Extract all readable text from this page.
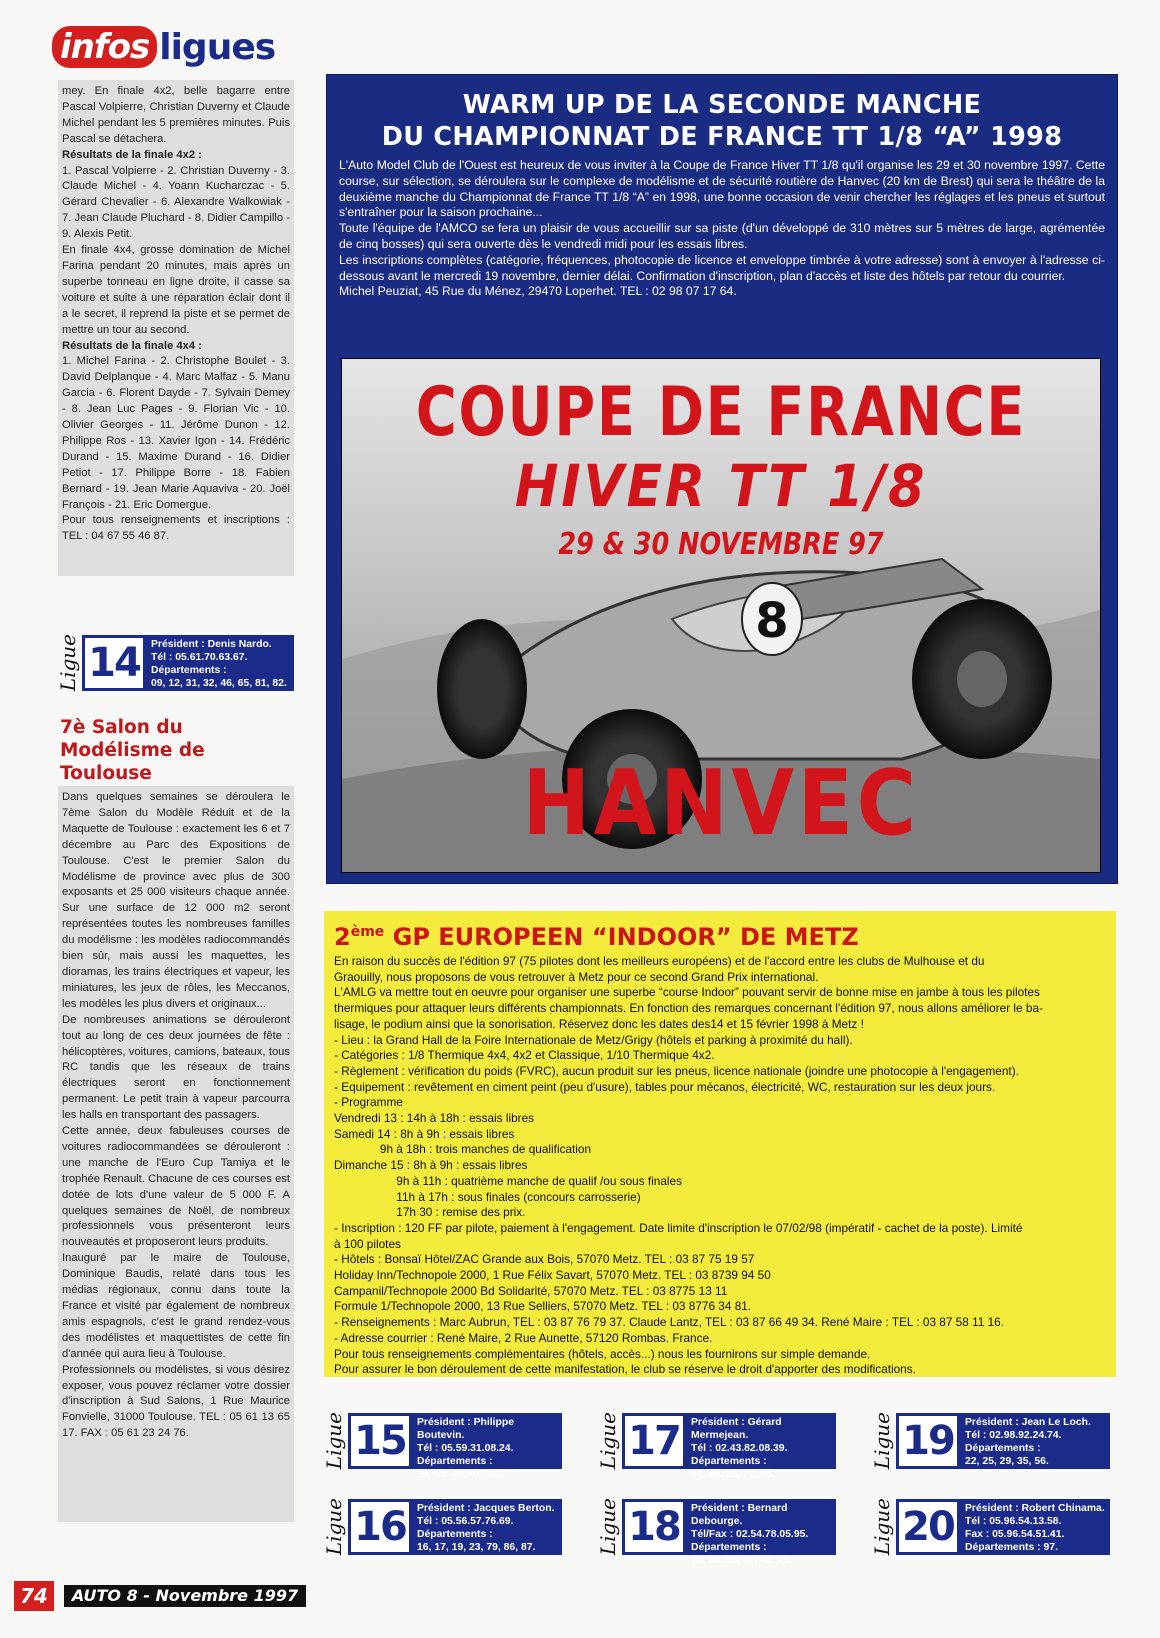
infos ligues

mey. En finale 4x2, belle bagarre entre Pascal Volpierre, Christian Duverny et Claude Michel pendant les 5 premières minutes. Puis Pascal se détachera.

Résultats de la finale 4x2 :

1. Pascal Volpierre - 2. Christian Duverny - 3. Claude Michel - 4. Yoann Kucharczac - 5. Gérard Chevalier - 6. Alexandre Walkowiak - 7. Jean Claude Pluchard - 8. Didier Campillo - 9. Alexis Petit.

En finale 4x4, grosse domination de Michel Farina pendant 20 minutes, mais après un superbe tonneau en ligne droite, il casse sa voiture et suite à une réparation éclair dont il a le secret, il reprend la piste et se permet de mettre un tour au second.

Résultats de la finale 4x4 :

1. Michel Farina - 2. Christophe Boulet - 3. David Delplanque - 4. Marc Malfaz - 5. Manu Garcia - 6. Florent Dayde - 7. Sylvain Demey - 8. Jean Luc Pages - 9. Florian Vic - 10. Olivier Georges - 11. Jérôme Dunon - 12. Philippe Ros - 13. Xavier Igon - 14. Frédéric Durand - 15. Maxime Durand - 16. Didier Petiot - 17. Philippe Borre - 18. Fabien Bernard - 19. Jean Marie Aquaviva - 20. Joël François - 21. Eric Domergue.

Pour tous renseignements et inscriptions : TEL : 04 67 55 46 87.

Ligue 14	Président : Denis Nardo.
Tél : 05.61.70.63.67.
Départements :
09, 12, 31, 32, 46, 65, 81, 82.
7è Salon du Modélisme de Toulouse

Dans quelques semaines se déroulera le 7ème Salon du Modèle Réduit et de la Maquette de Toulouse : exactement les 6 et 7 décembre au Parc des Expositions de Toulouse. C'est le premier Salon du Modélisme de province avec plus de 300 exposants et 25 000 visiteurs chaque année. Sur une surface de 12 000 m2 seront représentées toutes les nombreuses familles du modélisme : les modèles radiocommandés bien sûr, mais aussi les maquettes, les dioramas, les trains électriques et vapeur, les miniatures, les jeux de rôles, les Meccanos, les modèles les plus divers et originaux...

De nombreuses animations se dérouleront tout au long de ces deux journées de fête : hélicoptères, voitures, camions, bateaux, tous RC tandis que les réseaux de trains électriques seront en fonctionnement permanent. Le petit train à vapeur parcourra les halls en transportant des passagers.

Cette année, deux fabuleuses courses de voitures radiocommandées se dérouleront : une manche de l'Euro Cup Tamiya et le trophée Renault. Chacune de ces courses est dotée de lots d'une valeur de 5 000 F. A quelques semaines de Noël, de nombreux professionnels vous présenteront leurs nouveautés et proposeront leurs produits.

Inauguré par le maire de Toulouse, Dominique Baudis, relaté dans tous les médias régionaux, connu dans toute la France et visité par également de nombreux amis espagnols, c'est le grand rendez-vous des modélistes et maquettistes de cette fin d'année qui aura lieu à Toulouse.

Professionnels ou modélistes, si vous désirez exposer, vous pouvez réclamer votre dossier d'inscription à Sud Salons, 1 Rue Maurice Fonvielle, 31000 Toulouse. TEL : 05 61 13 65 17. FAX : 05 61 23 24 76.

WARM UP DE LA SECONDE MANCHE
DU CHAMPIONNAT DE FRANCE TT 1/8 “A” 1998

L'Auto Model Club de l'Ouest est heureux de vous inviter à la Coupe de France Hiver TT 1/8 qu'il organise les 29 et 30 novembre 1997. Cette course, sur sélection, se déroulera sur le complexe de modélisme et de sécurité routière de Hanvec (20 km de Brest) qui sera le théâtre de la deuxième manche du Championnat de France TT 1/8 “A” en 1998, une bonne occasion de venir chercher les réglages et les pneus et surtout s'entraîner pour la saison prochaine...

Toute l'équipe de l'AMCO se fera un plaisir de vous accueillir sur sa piste (d'un développé de 310 mètres sur 5 mètres de large, agrémentée de cinq bosses) qui sera ouverte dès le vendredi midi pour les essais libres.

Les inscriptions complètes (catégorie, fréquences, photocopie de licence et enveloppe timbrée à votre adresse) sont à envoyer à l'adresse ci-dessous avant le mercredi 19 novembre, dernier délai. Confirmation d'inscription, plan d'accès et liste des hôtels par retour du courrier.

Michel Peuziat, 45 Rue du Ménez, 29470 Loperhet. TEL : 02 98 07 17 64.

8
COUPE DE FRANCE
HIVER TT 1/8
29 & 30 NOVEMBRE 97
HANVEC
2ème GP EUROPEEN “INDOOR” DE METZ
En raison du succès de l'édition 97 (75 pilotes dont les meilleurs européens) et de l'accord entre les clubs de Mulhouse et du
Graouilly, nous proposons de vous retrouver à Metz pour ce second Grand Prix international.
L'AMLG va mettre tout en oeuvre pour organiser une superbe “course Indoor” pouvant servir de bonne mise en jambe à tous les pilotes
thermiques pour attaquer leurs différents championnats. En fonction des remarques concernant l'édition 97, nous allons améliorer le ba-
lisage, le podium ainsi que la sonorisation. Réservez donc les dates des14 et 15 février 1998 à Metz !
- Lieu : la Grand Hall de la Foire Internationale de Metz/Grigy (hôtels et parking à proximité du hall).
- Catégories : 1/8 Thermique 4x4, 4x2 et Classique, 1/10 Thermique 4x2.
- Règlement : vérification du poids (FVRC), aucun produit sur les pneus, licence nationale (joindre une photocopie à l'engagement).
- Equipement : revêtement en ciment peint (peu d'usure), tables pour mécanos, électricité, WC, restauration sur les deux jours.
- Programme
Vendredi 13 : 14h à 18h : essais libres
Samedi 14 : 8h à 9h : essais libres
9h à 18h : trois manches de qualification
Dimanche 15 : 8h à 9h : essais libres
9h à 11h : quatrième manche de qualif /ou sous finales
11h à 17h : sous finales (concours carrosserie)
17h 30 : remise des prix.
- Inscription : 120 FF par pilote, paiement à l'engagement. Date limite d'inscription le 07/02/98 (impératif - cachet de la poste). Limité
à 100 pilotes
- Hôtels : Bonsaï Hôtel/ZAC Grande aux Bois, 57070 Metz. TEL : 03 87 75 19 57
Holiday Inn/Technopole 2000, 1 Rue Félix Savart, 57070 Metz. TEL : 03 8739 94 50
Campanil/Technopole 2000 Bd Solidarité, 57070 Metz. TEL : 03 8775 13 11
Formule 1/Technopole 2000, 13 Rue Selliers, 57070 Metz. TEL : 03 8776 34 81.
- Renseignements : Marc Aubrun, TEL : 03 87 76 79 37. Claude Lantz, TEL : 03 87 66 49 34. René Maire : TEL : 03 87 58 11 16.
- Adresse courrier : René Maire, 2 Rue Aunette, 57120 Rombas. France.
Pour tous renseignements complémentaires (hôtels, accès...) nous les fournirons sur simple demande.
Pour assurer le bon déroulement de cette manifestation, le club se réserve le droit d'apporter des modifications.
Ligue 15	Président : Philippe Boutevin.
Tél : 05.59.31.08.24.
Départements :
24, 33, 40, 47, 64.
Ligue 17	Président : Gérard Mermejean.
Tél : 02.43.82.08.39.
Départements :
44, 49, 53, 72, 85.
Ligue 19	Président : Jean Le Loch.
Tél : 02.98.92.24.74.
Départements :
22, 25, 29, 35, 56.
Ligue 16	Président : Jacques Berton.
Tél : 05.56.57.76.69.
Départements :
16, 17, 19, 23, 79, 86, 87.	Ligue 18	Président : Bernard Debourge.
Tél/Fax : 02.54.78.05.95.
Départements :
18, 28, 36, 37, 41, 45.
Ligue 20	Président : Robert Chinama.
Tél : 05.96.54.13.58.
Fax : 05.96.54.51.41.
Départements : 97.
74	AUTO 8 - Novembre 1997
